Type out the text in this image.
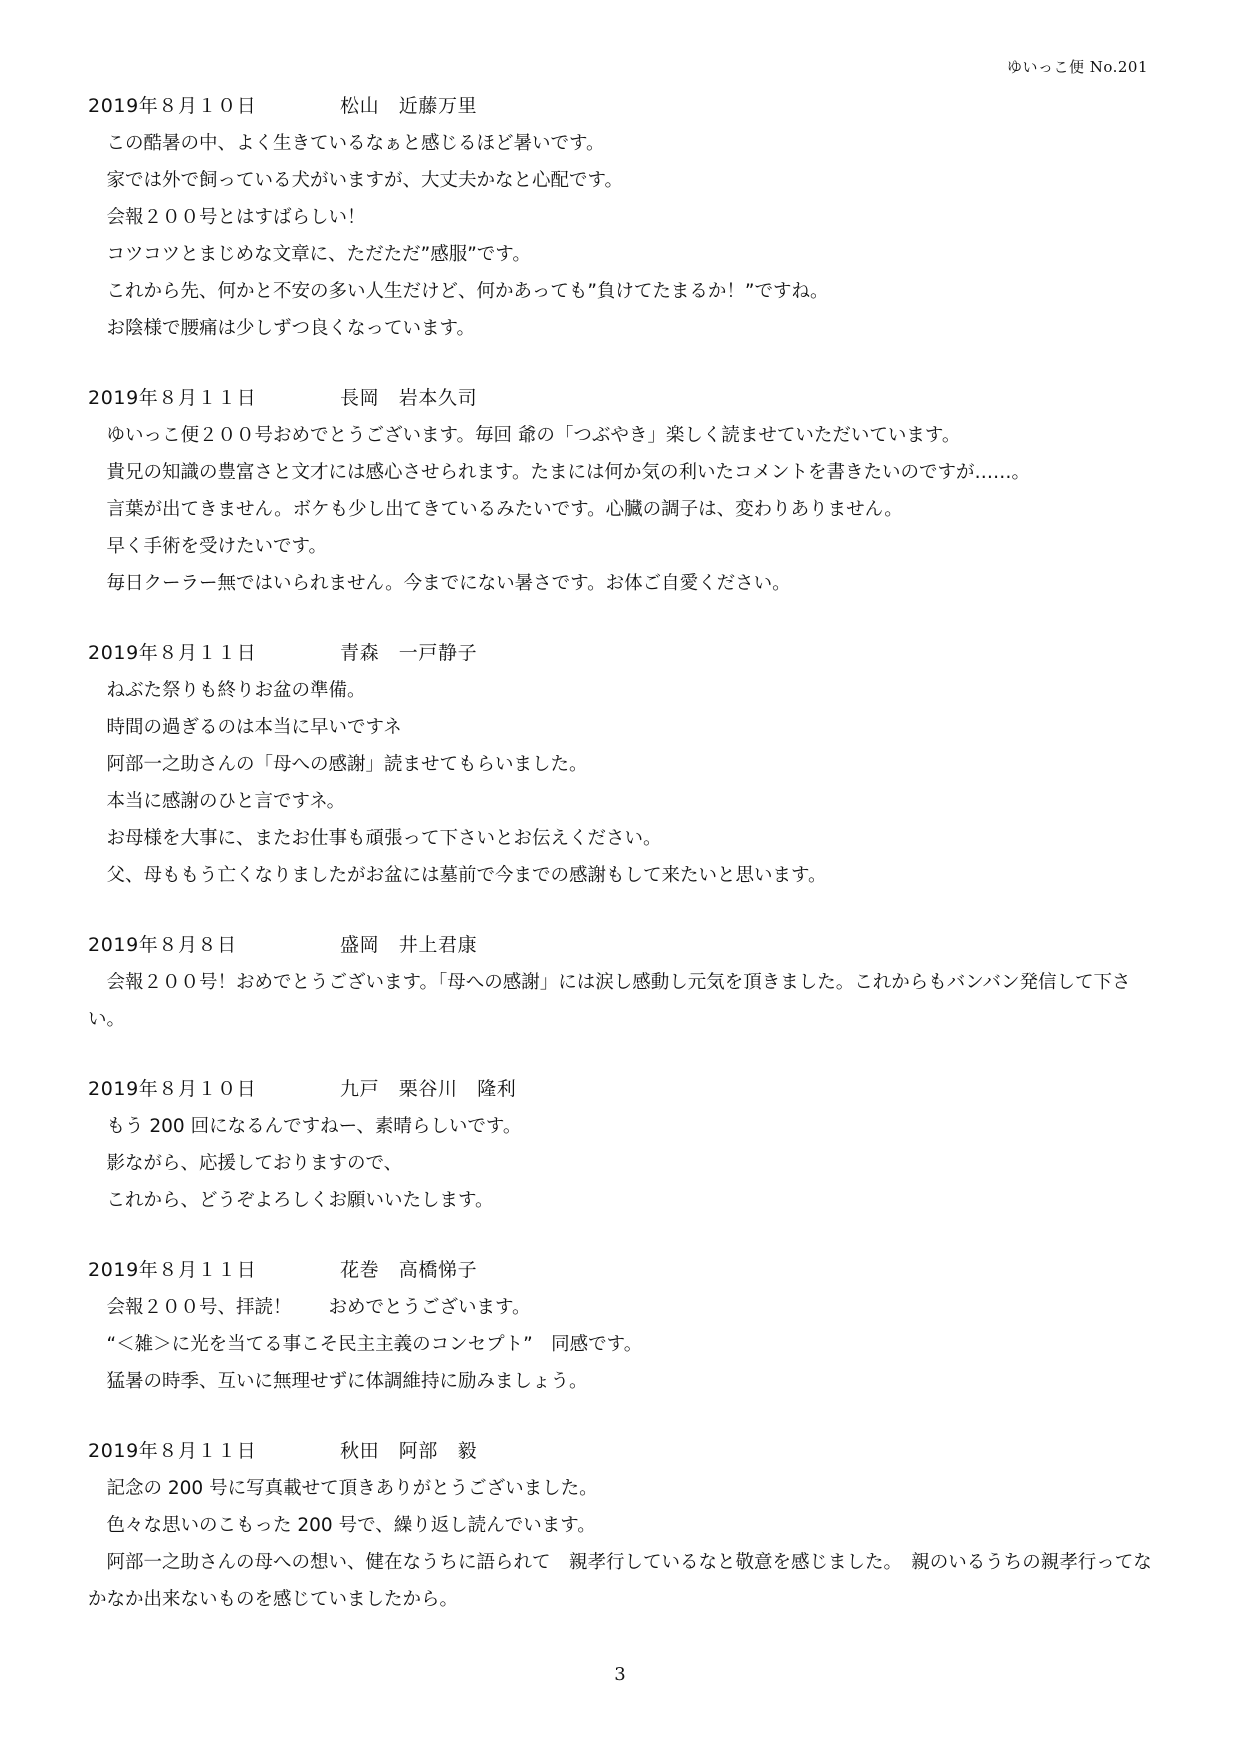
ゆいっこ便 No.201
2019年８月１０日	松山　近藤万里

この酷暑の中、よく生きているなぁと感じるほど暑いです。

家では外で飼っている犬がいますが、大丈夫かなと心配です。

会報２００号とはすばらしい！

コツコツとまじめな文章に、ただただ”感服”です。

これから先、何かと不安の多い人生だけど、何かあっても”負けてたまるか！”ですね。

お陰様で腰痛は少しずつ良くなっています。

2019年８月１１日	長岡　岩本久司

ゆいっこ便２００号おめでとうございます。毎回 爺の「つぶやき」楽しく読ませていただいています。

貴兄の知識の豊富さと文才には感心させられます。たまには何か気の利いたコメントを書きたいのですが……。

言葉が出てきません。ボケも少し出てきているみたいです。心臓の調子は、変わりありません。

早く手術を受けたいです。

毎日クーラー無ではいられません。今までにない暑さです。お体ご自愛ください。

2019年８月１１日	青森　一戸静子

ねぶた祭りも終りお盆の準備。

時間の過ぎるのは本当に早いですネ

阿部一之助さんの「母への感謝」読ませてもらいました。

本当に感謝のひと言ですネ。

お母様を大事に、またお仕事も頑張って下さいとお伝えください。

父、母ももう亡くなりましたがお盆には墓前で今までの感謝もして来たいと思います。

2019年８月８日	盛岡　井上君康

会報２００号！おめでとうございます。「母への感謝」には涙し感動し元気を頂きました。これからもバンバン発信して下さい。

2019年８月１０日	九戸　栗谷川　隆利

もう 200 回になるんですねー、素晴らしいです。

影ながら、応援しておりますので、

これから、どうぞよろしくお願いいたします。

2019年８月１１日	花巻　高橋悌子

会報２００号、拝読！　　おめでとうございます。

“＜雑＞に光を当てる事こそ民主主義のコンセプト”　同感です。

猛暑の時季、互いに無理せずに体調維持に励みましょう。

2019年８月１１日	秋田　阿部　毅

記念の 200 号に写真載せて頂きありがとうございました。

色々な思いのこもった 200 号で、繰り返し読んでいます。

阿部一之助さんの母への想い、健在なうちに語られて　親孝行しているなと敬意を感じました。　親のいるうちの親孝行ってなかなか出来ないものを感じていましたから。

3
